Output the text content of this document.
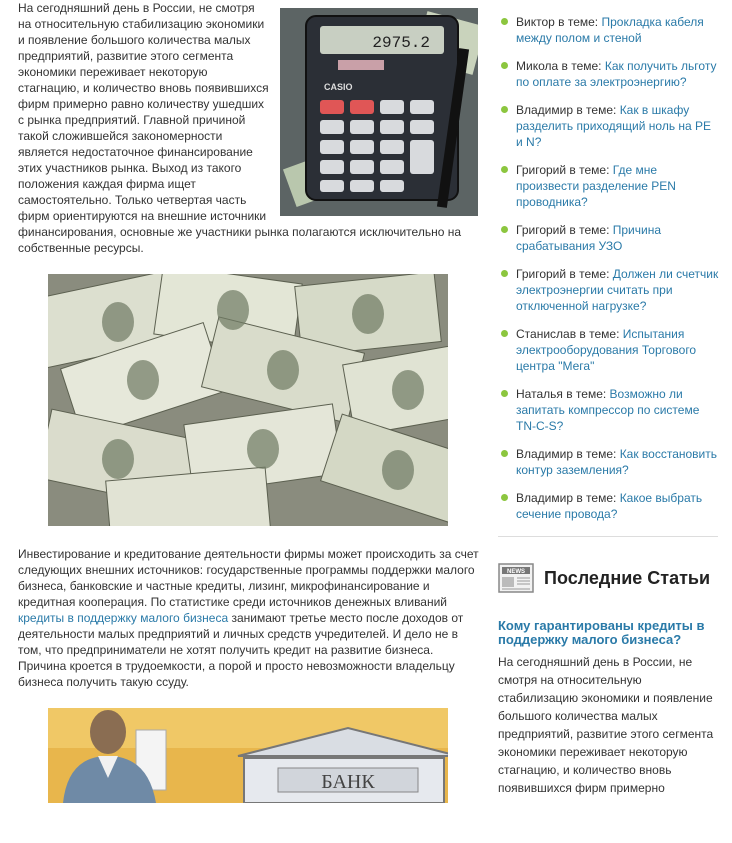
2975.2
CASIO

На сегодняшний день в России, не смотря на относительную стабилизацию экономики и появление большого количества малых предприятий, развитие этого сегмента экономики переживает некоторую стагнацию, и количество вновь появившихся фирм примерно равно количеству ушедших с рынка предприятий. Главной причиной такой сложившейся закономерности является недостаточное финансирование этих участников рынка. Выход из такого положения каждая фирма ищет самостоятельно. Только четвертая часть фирм ориентируются на внешние источники финансирования, основные же участники рынка полагаются исключительно на собственные ресурсы.

Инвестирование и кредитование деятельности фирмы может происходить за счет следующих внешних источников: государственные программы поддержки малого бизнеса, банковские и частные кредиты, лизинг, микрофинансирование и кредитная кооперация. По статистике среди источников денежных вливаний кредиты в поддержку малого бизнеса занимают третье место после доходов от деятельности малых предприятий и личных средств учредителей. И дело не в том, что предприниматели не хотят получить кредит на развитие бизнеса. Причина кроется в трудоемкости, а порой и просто невозможности владельцу бизнеса получить такую ссуду.

БАНК
Виктор в теме: Прокладка кабеля между полом и стеной
Микола в теме: Как получить льготу по оплате за электроэнергию?
Владимир в теме: Как в шкафу разделить приходящий ноль на PE и N?
Григорий в теме: Где мне произвести разделение PEN проводника?
Григорий в теме: Причина срабатывания УЗО
Григорий в теме: Должен ли счетчик электроэнергии считать при отключенной нагрузке?
Станислав в теме: Испытания электрооборудования Торгового центра "Мега"
Наталья в теме: Возможно ли запитать компрессор по системе TN-C-S?
Владимир в теме: Как восстановить контур заземления?
Владимир в теме: Какое выбрать сечение провода?
NEWS Последние Статьи

Кому гарантированы кредиты в поддержку малого бизнеса?

На сегодняшний день в России, не смотря на относительную стабилизацию экономики и появление большого количества малых предприятий, развитие этого сегмента экономики переживает некоторую стагнацию, и количество вновь появившихся фирм примерно
